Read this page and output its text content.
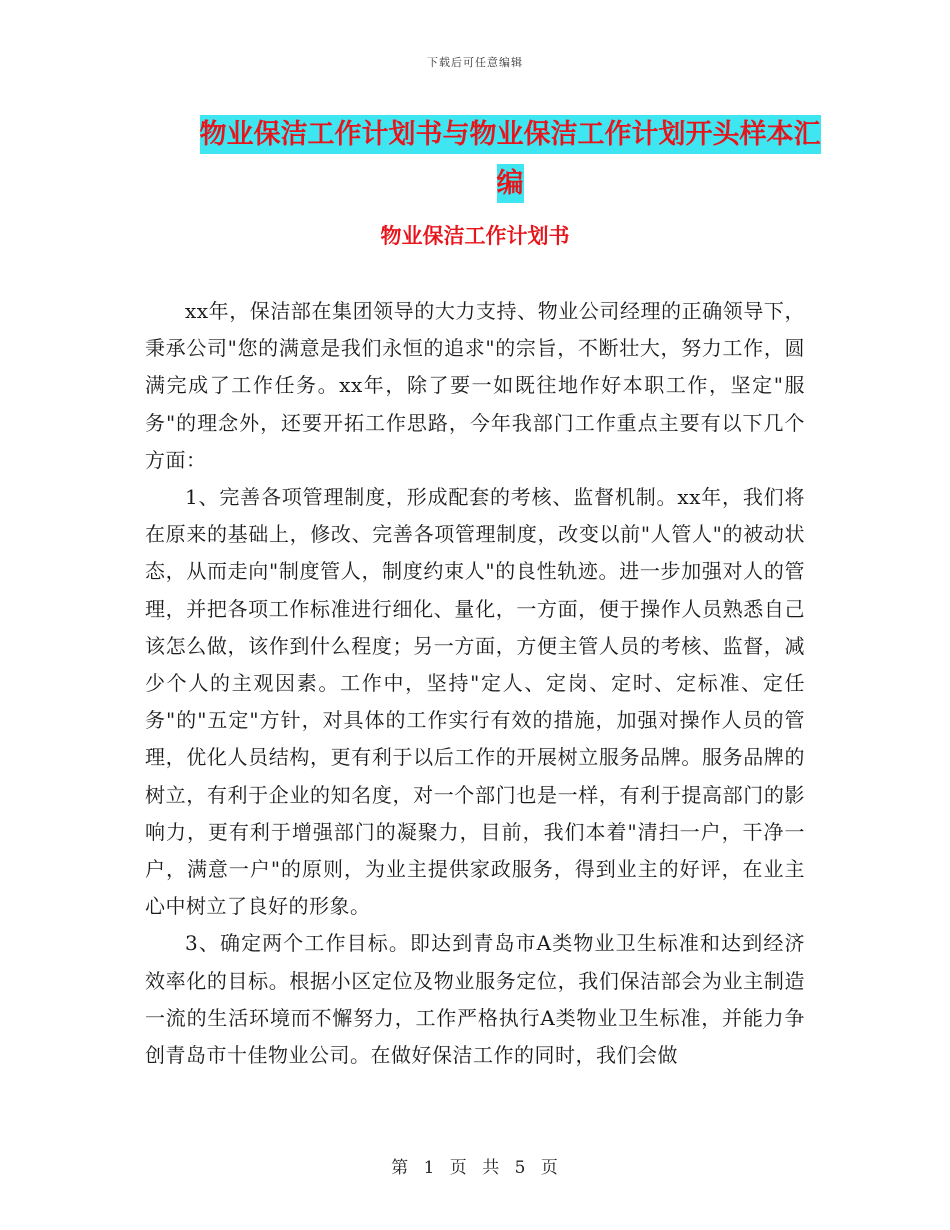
下载后可任意编辑
物业保洁工作计划书与物业保洁工作计划开头样本汇
编
物业保洁工作计划书

xx年，保洁部在集团领导的大力支持、物业公司经理的正确领导下，秉承公司"您的满意是我们永恒的追求"的宗旨，不断壮大，努力工作，圆满完成了工作任务。xx年，除了要一如既往地作好本职工作，坚定"服务"的理念外，还要开拓工作思路，今年我部门工作重点主要有以下几个方面：

1、完善各项管理制度，形成配套的考核、监督机制。xx年，我们将在原来的基础上，修改、完善各项管理制度，改变以前"人管人"的被动状态，从而走向"制度管人，制度约束人"的良性轨迹。进一步加强对人的管理，并把各项工作标准进行细化、量化，一方面，便于操作人员熟悉自己该怎么做，该作到什么程度；另一方面，方便主管人员的考核、监督，减少个人的主观因素。工作中，坚持"定人、定岗、定时、定标准、定任务"的"五定"方针，对具体的工作实行有效的措施，加强对操作人员的管理，优化人员结构，更有利于以后工作的开展树立服务品牌。服务品牌的树立，有利于企业的知名度，对一个部门也是一样，有利于提高部门的影响力，更有利于增强部门的凝聚力，目前，我们本着"清扫一户，干净一户，满意一户"的原则，为业主提供家政服务，得到业主的好评，在业主心中树立了良好的形象。

3、确定两个工作目标。即达到青岛市A类物业卫生标准和达到经济效率化的目标。根据小区定位及物业服务定位，我们保洁部会为业主制造一流的生活环境而不懈努力，工作严格执行A类物业卫生标准，并能力争创青岛市十佳物业公司。在做好保洁工作的同时，我们会做

第 1 页 共 5 页
